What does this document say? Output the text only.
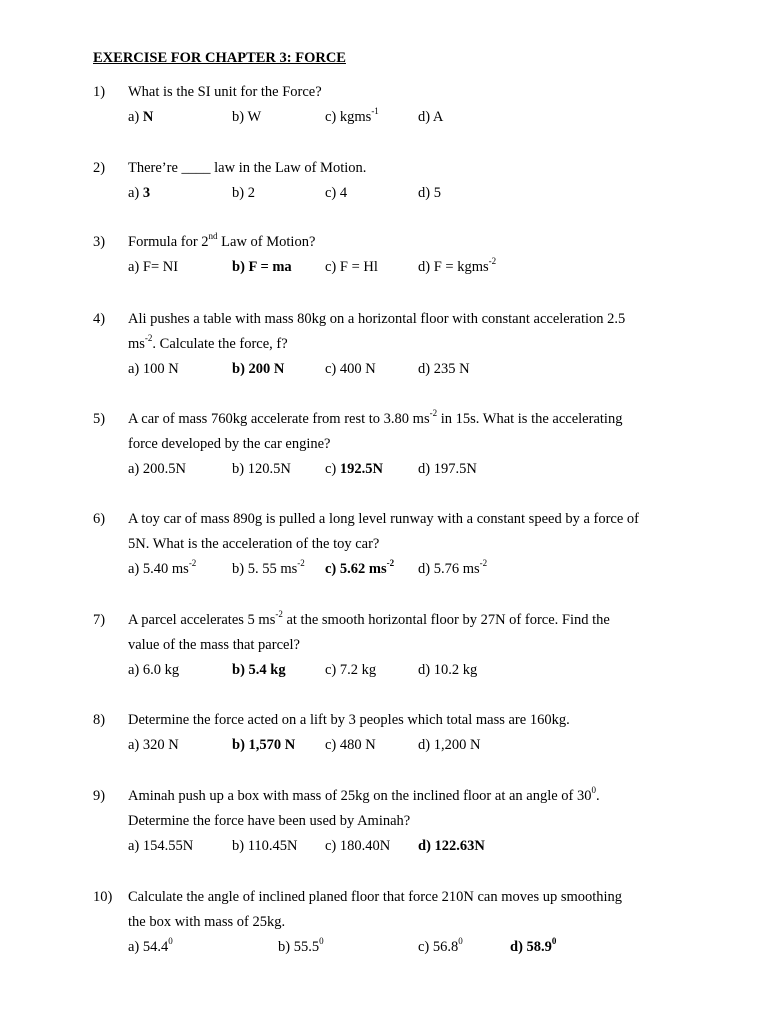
EXERCISE FOR CHAPTER 3: FORCE
1) What is the SI unit for the Force?
a) N	b) W	c) kgms$^{-1}$	d) A
2) There’re ____ law in the Law of Motion.
a) 3	b) 2	c) 4	d) 5
3) Formula for 2nd Law of Motion?
a) F= NI	b) F = ma c) F = Hl	d) F = kgms$^{-2}$
4) Ali pushes a table with mass 80kg on a horizontal floor with constant acceleration 2.5
$ms^{-2}$. Calculate the force, f?
a) 100 N	b) 200 N	c) 400 N	d) 235 N
5) A car of mass 760kg accelerate from rest to 3.80 $ms^{-2}$ in 15s. What is the accelerating
force developed by the car engine?
a) 200.5N	b) 120.5N c) 192.5N d) 197.5N
6) A toy car of mass 890g is pulled a long level runway with a constant speed by a force of
5N. What is the acceleration of the toy car?
a) 5.40 $ms^{-2}$ b) 5. 55 $ms^{-2}$ c) 5.62 $ms^{-2}$ d) 5.76 $ms^{-2}$
7) A parcel accelerates 5 $ms^{-2}$ at the smooth horizontal floor by 27N of force. Find the
value of the mass that parcel?
a) 6.0 kg	b) 5.4 kg	c) 7.2 kg	d) 10.2 kg
8) Determine the force acted on a lift by 3 peoples which total mass are 160kg.
a) 320 N	b) 1,570 N c) 480 N	d) 1,200 N
9) Aminah push up a box with mass of 25kg on the inclined floor at an angle of $30^0$.
Determine the force have been used by Aminah?
a) 154.55N	b) 110.45N c) 180.40N d) 122.63N
10) Calculate the angle of inclined planed floor that force 210N can moves up smoothing
the box with mass of 25kg.
a) 54.4$^0$	b) 55.5$^0$	c) 56.8$^0$	d) 58.9$^0$
